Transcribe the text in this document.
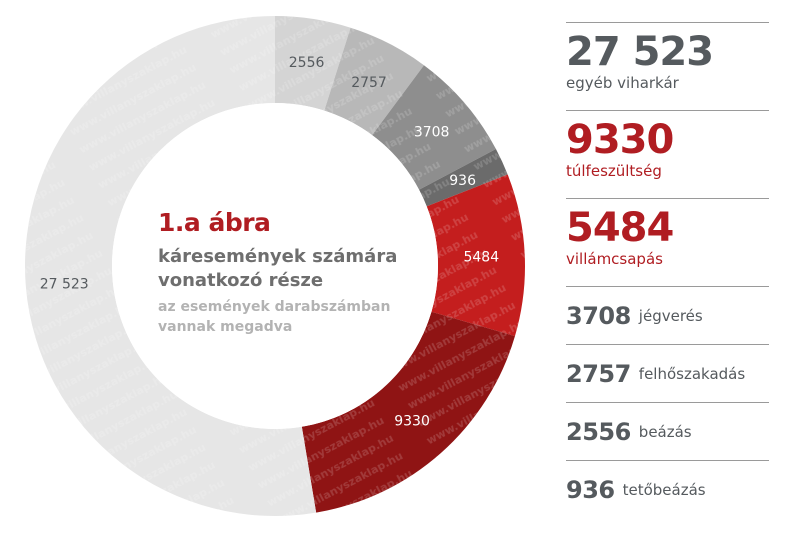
2556
2757
3708
936
5484
9330
27 523
1.a ábra
káresemények számára
vonatkozó része
az események darabszámban
vannak megadva
27 523
egyéb viharkár
9330
túlfeszültség
5484
villámcsapás
3708 jégverés
2757 felhőszakadás
2556 beázás
936 tetőbeázás
